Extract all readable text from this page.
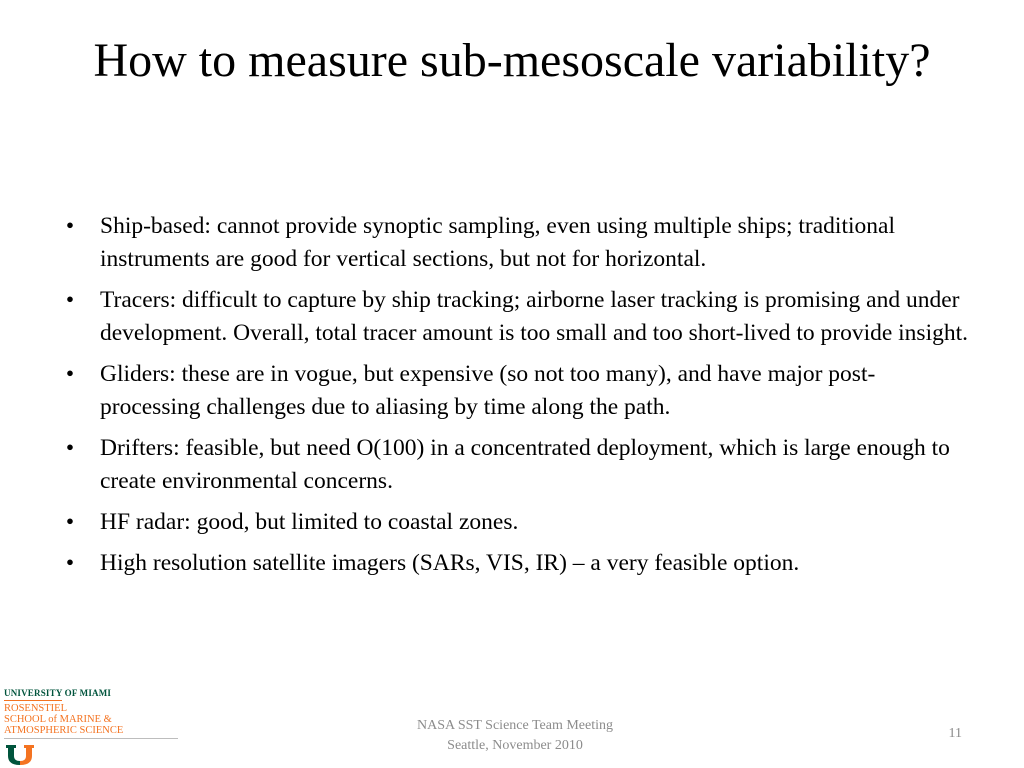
How to measure sub-mesoscale variability?
• Ship-based: cannot provide synoptic sampling, even using multiple ships; traditional instruments are good for vertical sections, but not for horizontal.
• Tracers: difficult to capture by ship tracking; airborne laser tracking is promising and under development. Overall, total tracer amount is too small and too short-lived to provide insight.
• Gliders: these are in vogue, but expensive (so not too many), and have major post-processing challenges due to aliasing by time along the path.
• Drifters: feasible, but need O(100) in a concentrated deployment, which is large enough to create environmental concerns.
• HF radar: good, but limited to coastal zones.
• High resolution satellite imagers (SARs, VIS, IR) – a very feasible option.
UNIVERSITY OF MIAMI
ROSENSTIEL
SCHOOL of MARINE &
ATMOSPHERIC SCIENCE	NASA SST Science Team Meeting
Seattle, November 2010
11
